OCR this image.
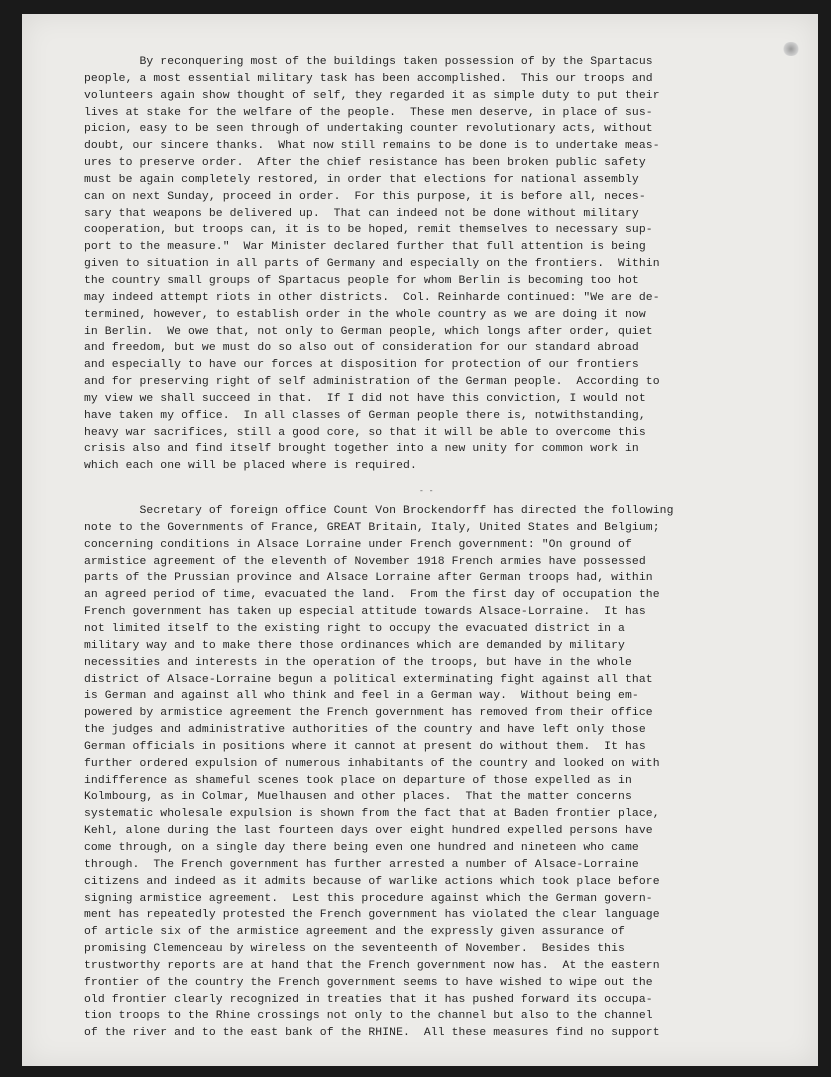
By reconquering most of the buildings taken possession of by the Spartacus
people, a most essential military task has been accomplished.  This our troops and
volunteers again show thought of self, they regarded it as simple duty to put their
lives at stake for the welfare of the people.  These men deserve, in place of sus-
picion, easy to be seen through of undertaking counter revolutionary acts, without
doubt, our sincere thanks.  What now still remains to be done is to undertake meas-
ures to preserve order.  After the chief resistance has been broken public safety
must be again completely restored, in order that elections for national assembly
can on next Sunday, proceed in order.  For this purpose, it is before all, neces-
sary that weapons be delivered up.  That can indeed not be done without military
cooperation, but troops can, it is to be hoped, remit themselves to necessary sup-
port to the measure."  War Minister declared further that full attention is being
given to situation in all parts of Germany and especially on the frontiers.  Within
the country small groups of Spartacus people for whom Berlin is becoming too hot
may indeed attempt riots in other districts.  Col. Reinharde continued: "We are de-
termined, however, to establish order in the whole country as we are doing it now
in Berlin.  We owe that, not only to German people, which longs after order, quiet
and freedom, but we must do so also out of consideration for our standard abroad
and especially to have our forces at disposition for protection of our frontiers
and for preserving right of self administration of the German people.  According to
my view we shall succeed in that.  If I did not have this conviction, I would not
have taken my office.  In all classes of German people there is, notwithstanding,
heavy war sacrifices, still a good core, so that it will be able to overcome this
crisis also and find itself brought together into a new unity for common work in
which each one will be placed where is required.
- -
Secretary of foreign office Count Von Brockendorff has directed the following
note to the Governments of France, GREAT Britain, Italy, United States and Belgium;
concerning conditions in Alsace Lorraine under French government: "On ground of
armistice agreement of the eleventh of November 1918 French armies have possessed
parts of the Prussian province and Alsace Lorraine after German troops had, within
an agreed period of time, evacuated the land.  From the first day of occupation the
French government has taken up especial attitude towards Alsace-Lorraine.  It has
not limited itself to the existing right to occupy the evacuated district in a
military way and to make there those ordinances which are demanded by military
necessities and interests in the operation of the troops, but have in the whole
district of Alsace-Lorraine begun a political exterminating fight against all that
is German and against all who think and feel in a German way.  Without being em-
powered by armistice agreement the French government has removed from their office
the judges and administrative authorities of the country and have left only those
German officials in positions where it cannot at present do without them.  It has
further ordered expulsion of numerous inhabitants of the country and looked on with
indifference as shameful scenes took place on departure of those expelled as in
Kolmbourg, as in Colmar, Muelhausen and other places.  That the matter concerns
systematic wholesale expulsion is shown from the fact that at Baden frontier place,
Kehl, alone during the last fourteen days over eight hundred expelled persons have
come through, on a single day there being even one hundred and nineteen who came
through.  The French government has further arrested a number of Alsace-Lorraine
citizens and indeed as it admits because of warlike actions which took place before
signing armistice agreement.  Lest this procedure against which the German govern-
ment has repeatedly protested the French government has violated the clear language
of article six of the armistice agreement and the expressly given assurance of
promising Clemenceau by wireless on the seventeenth of November.  Besides this
trustworthy reports are at hand that the French government now has.  At the eastern
frontier of the country the French government seems to have wished to wipe out the
old frontier clearly recognized in treaties that it has pushed forward its occupa-
tion troops to the Rhine crossings not only to the channel but also to the channel
of the river and to the east bank of the RHINE.  All these measures find no support
